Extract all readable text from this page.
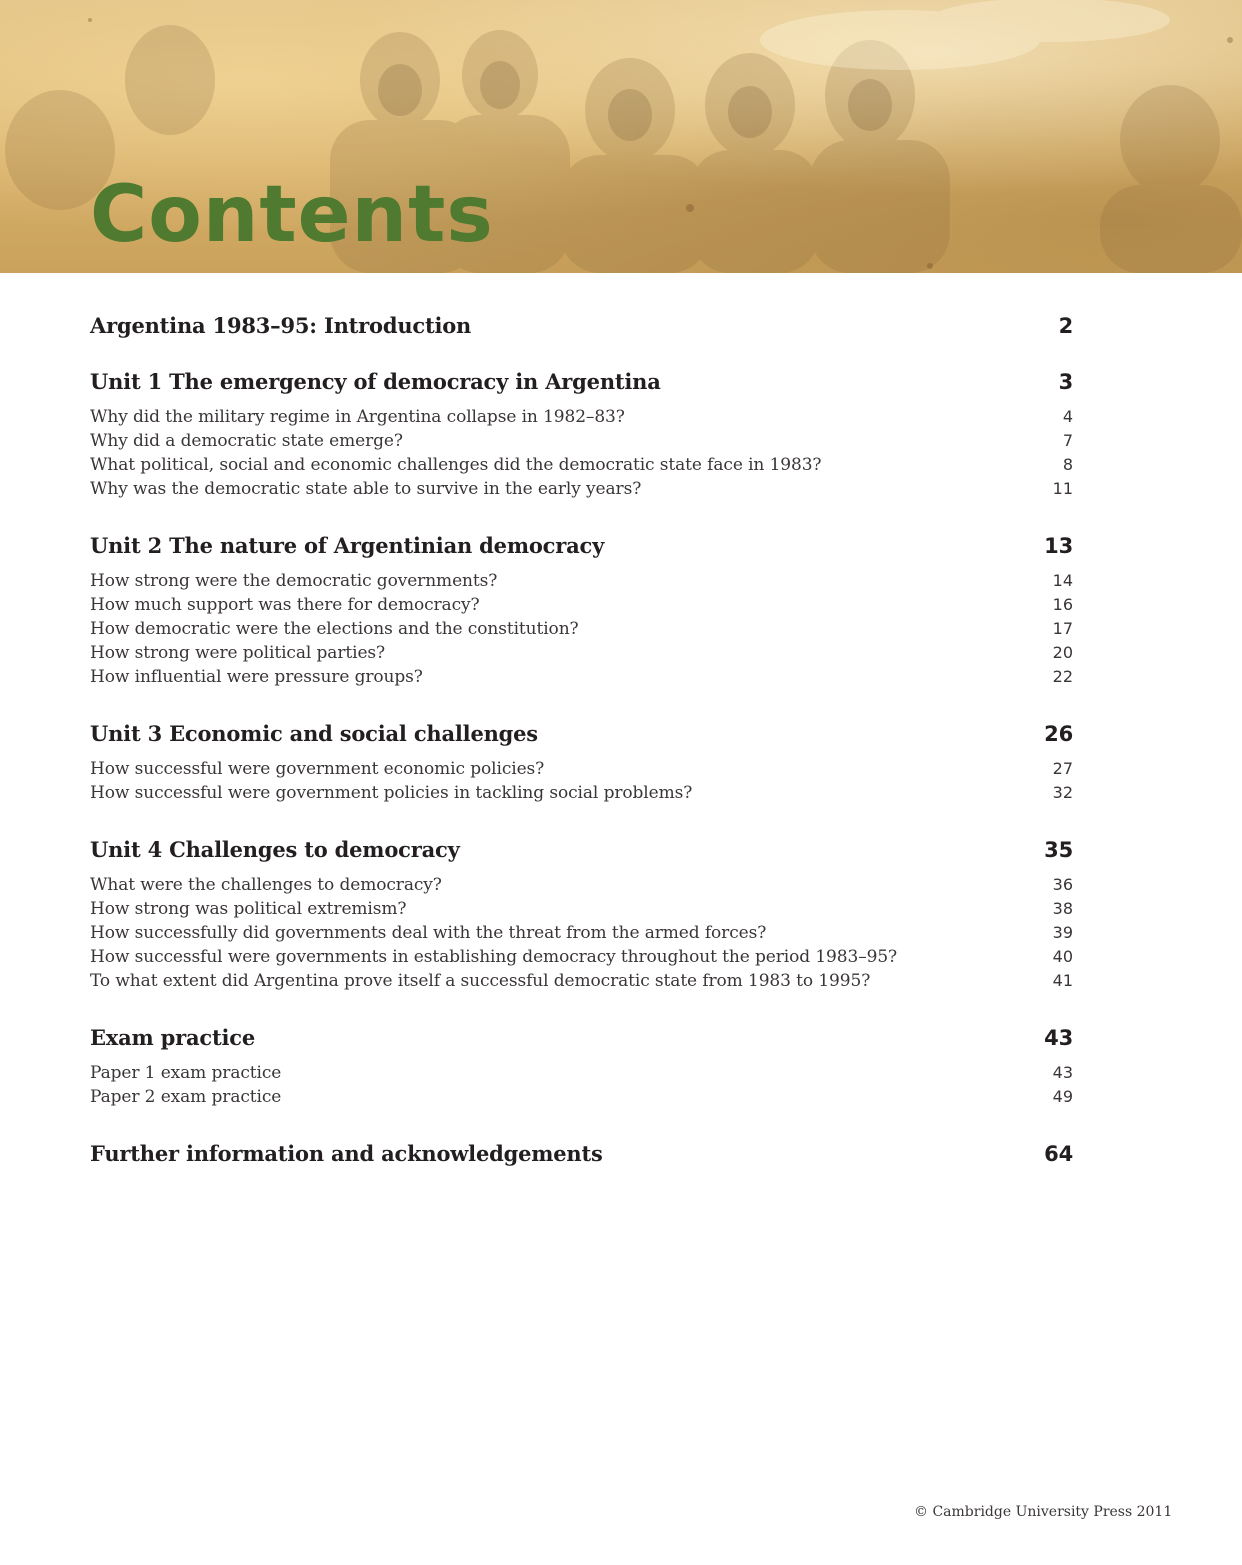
Contents
Argentina 1983–95: Introduction	2
Unit 1 The emergency of democracy in Argentina	3
Why did the military regime in Argentina collapse in 1982–83?	4
Why did a democratic state emerge?	7
What political, social and economic challenges did the democratic state face in 1983?	8
Why was the democratic state able to survive in the early years?	11
Unit 2 The nature of Argentinian democracy	13
How strong were the democratic governments?	14
How much support was there for democracy?	16
How democratic were the elections and the constitution?	17
How strong were political parties?	20
How influential were pressure groups?	22
Unit 3 Economic and social challenges	26
How successful were government economic policies?	27
How successful were government policies in tackling social problems?	32
Unit 4 Challenges to democracy	35
What were the challenges to democracy?	36
How strong was political extremism?	38
How successfully did governments deal with the threat from the armed forces?	39
How successful were governments in establishing democracy throughout the period 1983–95?	40
To what extent did Argentina prove itself a successful democratic state from 1983 to 1995?	41
Exam practice	43
Paper 1 exam practice	43
Paper 2 exam practice	49
Further information and acknowledgements	64
© Cambridge University Press 2011
